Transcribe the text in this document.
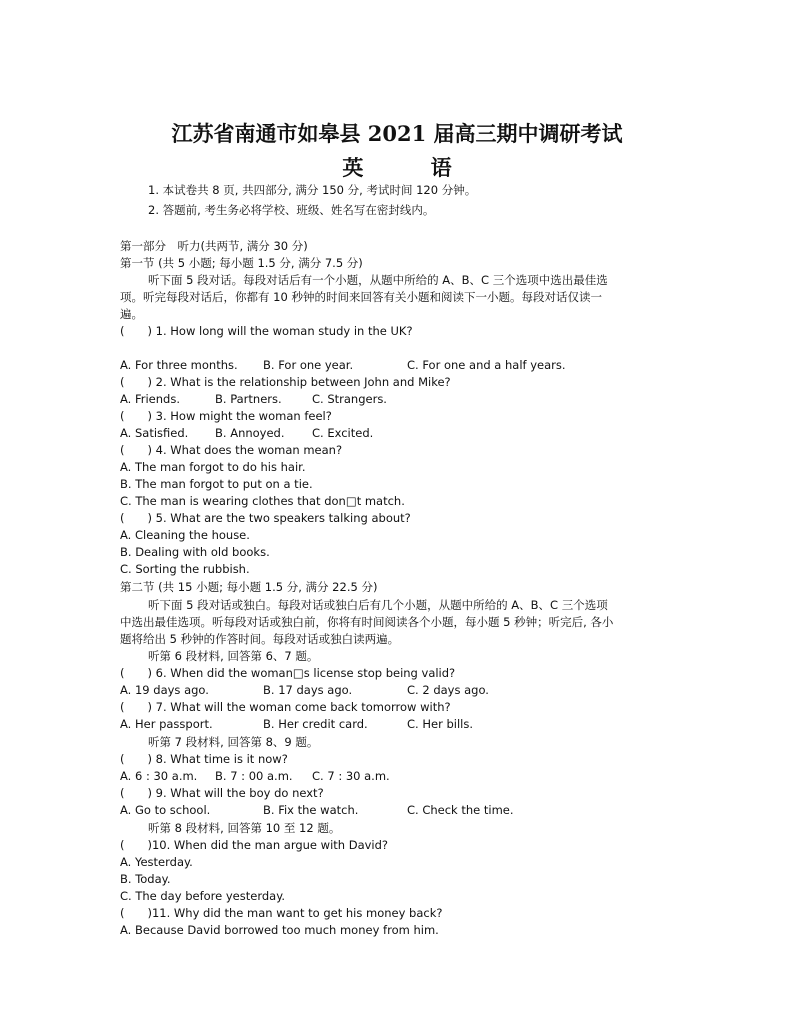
江苏省南通市如皋县 2021 届高三期中调研考试
英 语
1. 本试卷共 8 页, 共四部分, 满分 150 分, 考试时间 120 分钟。
2. 答题前, 考生务必将学校、班级、姓名写在密封线内。
第一部分　听力(共两节, 满分 30 分)
第一节 (共 5 小题; 每小题 1.5 分, 满分 7.5 分)
听下面 5 段对话。每段对话后有一个小题，从题中所给的 A、B、C 三个选项中选出最佳选
项。听完每段对话后，你都有 10 秒钟的时间来回答有关小题和阅读下一小题。每段对话仅读一
遍。
(　　) 1. How long will the woman study in the UK?
A. For three months. B. For one year.	C. For one and a half years.
(　　) 2. What is the relationship between John and Mike?
A. Friends.	B. Partners.	C. Strangers.
(　　) 3. How might the woman feel?
A. Satisfied. B. Annoyed. C. Excited.
(　　) 4. What does the woman mean?
A. The man forgot to do his hair.
B. The man forgot to put on a tie.
C. The man is wearing clothes that don□t match.
(　　) 5. What are the two speakers talking about?
A. Cleaning the house.
B. Dealing with old books.
C. Sorting the rubbish.
第二节 (共 15 小题; 每小题 1.5 分, 满分 22.5 分)
听下面 5 段对话或独白。每段对话或独白后有几个小题，从题中所给的 A、B、C 三个选项
中选出最佳选项。听每段对话或独白前，你将有时间阅读各个小题，每小题 5 秒钟；听完后, 各小
题将给出 5 秒钟的作答时间。每段对话或独白读两遍。
听第 6 段材料, 回答第 6、7 题。
(　　) 6. When did the woman□s license stop being valid?
A. 19 days ago.	B. 17 days ago.	C. 2 days ago.
(　　) 7. What will the woman come back tomorrow with?
A. Her passport.	B. Her credit card.	C. Her bills.
听第 7 段材料, 回答第 8、9 题。
(　　) 8. What time is it now?
A. 6 : 30 a.m. B. 7 : 00 a.m. C. 7 : 30 a.m.
(　　) 9. What will the boy do next?
A. Go to school.	B. Fix the watch.	C. Check the time.
听第 8 段材料, 回答第 10 至 12 题。
(　　)10. When did the man argue with David?
A. Yesterday.
B. Today.
C. The day before yesterday.
(　　)11. Why did the man want to get his money back?
A. Because David borrowed too much money from him.
